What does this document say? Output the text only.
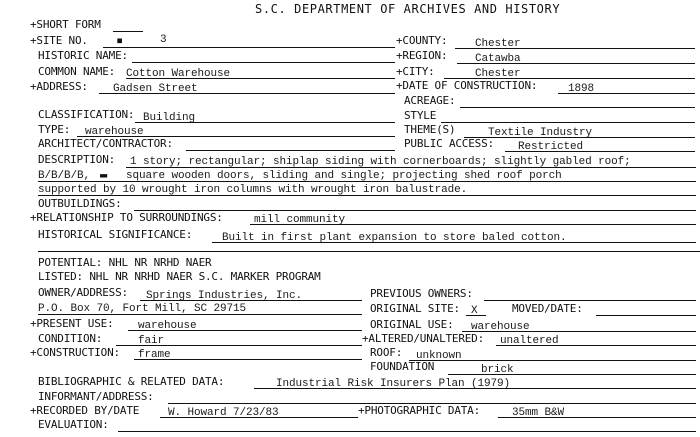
S.C. DEPARTMENT OF ARCHIVES AND HISTORY
+SHORT FORM
+SITE NO. ▪	3	+COUNTY:	Chester
HISTORIC NAME:	+REGION:	Catawba
COMMON NAME: Cotton Warehouse	+CITY:	Chester
+ADDRESS: Gadsen Street	+DATE OF CONSTRUCTION:	1898
ACREAGE:
CLASSIFICATION: Building	STYLE
TYPE: warehouse	THEME(S)	Textile Industry
ARCHITECT/CONTRACTOR:	PUBLIC ACCESS: Restricted
DESCRIPTION: 1 story; rectangular; shiplap siding with cornerboards; slightly gabled roof;
B/B/B/B, ▬ square wooden doors, sliding and single; projecting shed roof porch
supported by 10 wrought iron columns with wrought iron balustrade.
OUTBUILDINGS:
+RELATIONSHIP TO SURROUNDINGS:	mill community
HISTORICAL SIGNIFICANCE:	Built in first plant expansion to store baled cotton.
POTENTIAL: NHL NR NRHD NAER
LISTED: NHL NR NRHD NAER S.C. MARKER PROGRAM
OWNER/ADDRESS: Springs Industries, Inc.	PREVIOUS OWNERS:
P.O. Box 70, Fort Mill, SC 29715	ORIGINAL SITE: X	MOVED/DATE:
+PRESENT USE: warehouse	ORIGINAL USE: warehouse
CONDITION:	fair	+ALTERED/UNALTERED: unaltered
+CONSTRUCTION: frame	ROOF: unknown
FOUNDATION	brick
BIBLIOGRAPHIC & RELATED DATA:	Industrial Risk Insurers Plan (1979)
INFORMANT/ADDRESS:
+RECORDED BY/DATE	W. Howard 7/23/83	+PHOTOGRAPHIC DATA:	35mm B&W
EVALUATION:
